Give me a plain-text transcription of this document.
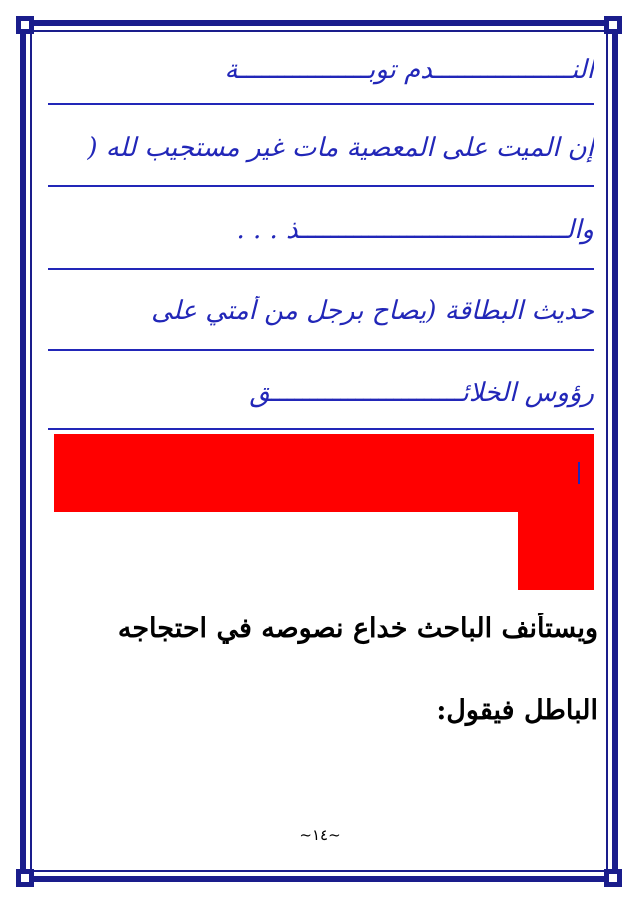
النــــــــــــــــــدم توبـــــــــــــــــة
إن الميت على المعصية مات غير مستجيب لله (
والـــــــــــــــــــــــــــــــــــذ . . .
حديث البطاقة (يصاح برجل من أمتي على
رؤوس الخلائـــــــــــــــــــــــــق
ويستأنف الباحث خداع نصوصه في احتجاجه
الباطل فيقول:
~١٤~
